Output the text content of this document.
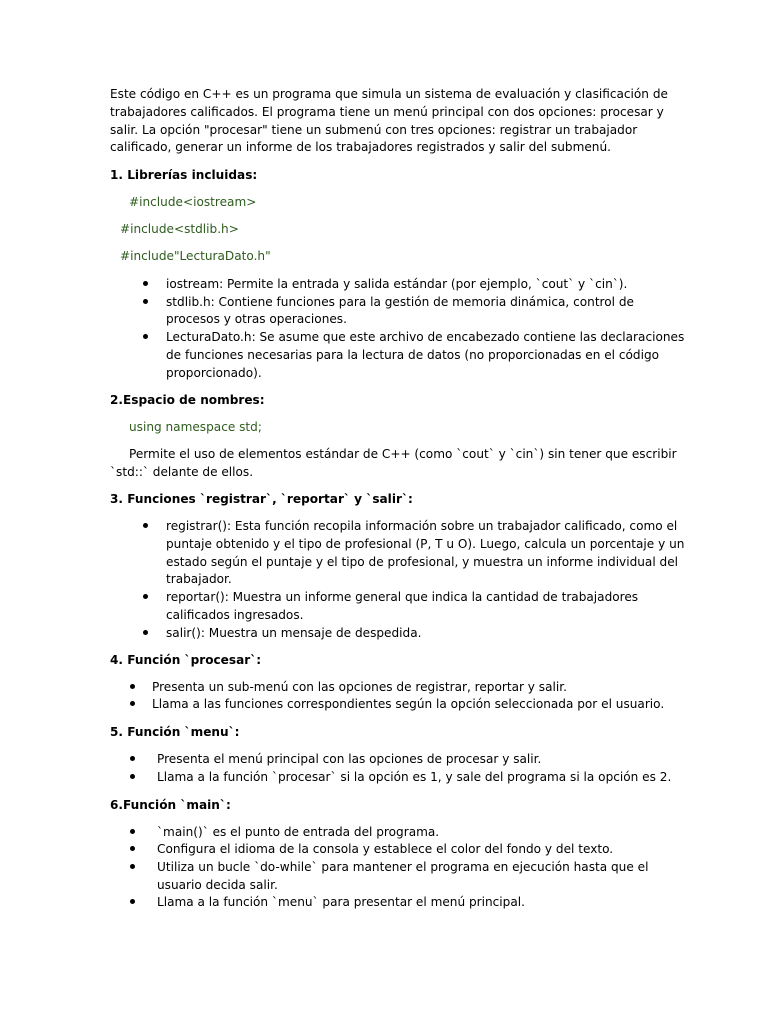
Este código en C++ es un programa que simula un sistema de evaluación y clasificación de
trabajadores calificados. El programa tiene un menú principal con dos opciones: procesar y
salir. La opción "procesar" tiene un submenú con tres opciones: registrar un trabajador
calificado, generar un informe de los trabajadores registrados y salir del submenú.
1. Librerías incluidas:
#include<iostream>
#include<stdlib.h>
#include"LecturaDato.h"
iostream: Permite la entrada y salida estándar (por ejemplo, `cout` y `cin`).
stdlib.h: Contiene funciones para la gestión de memoria dinámica, control de
procesos y otras operaciones.
LecturaDato.h: Se asume que este archivo de encabezado contiene las declaraciones
de funciones necesarias para la lectura de datos (no proporcionadas en el código
proporcionado).
2.Espacio de nombres:
using namespace std;
Permite el uso de elementos estándar de C++ (como `cout` y `cin`) sin tener que escribir
`std::` delante de ellos.
3. Funciones `registrar`, `reportar` y `salir`:
registrar(): Esta función recopila información sobre un trabajador calificado, como el
puntaje obtenido y el tipo de profesional (P, T u O). Luego, calcula un porcentaje y un
estado según el puntaje y el tipo de profesional, y muestra un informe individual del
trabajador.
reportar(): Muestra un informe general que indica la cantidad de trabajadores
calificados ingresados.
salir(): Muestra un mensaje de despedida.
4. Función `procesar`:
Presenta un sub-menú con las opciones de registrar, reportar y salir.
Llama a las funciones correspondientes según la opción seleccionada por el usuario.
5. Función `menu`:
Presenta el menú principal con las opciones de procesar y salir.
Llama a la función `procesar` si la opción es 1, y sale del programa si la opción es 2.
6.Función `main`:
`main()` es el punto de entrada del programa.
Configura el idioma de la consola y establece el color del fondo y del texto.
Utiliza un bucle `do-while` para mantener el programa en ejecución hasta que el
usuario decida salir.
Llama a la función `menu` para presentar el menú principal.
